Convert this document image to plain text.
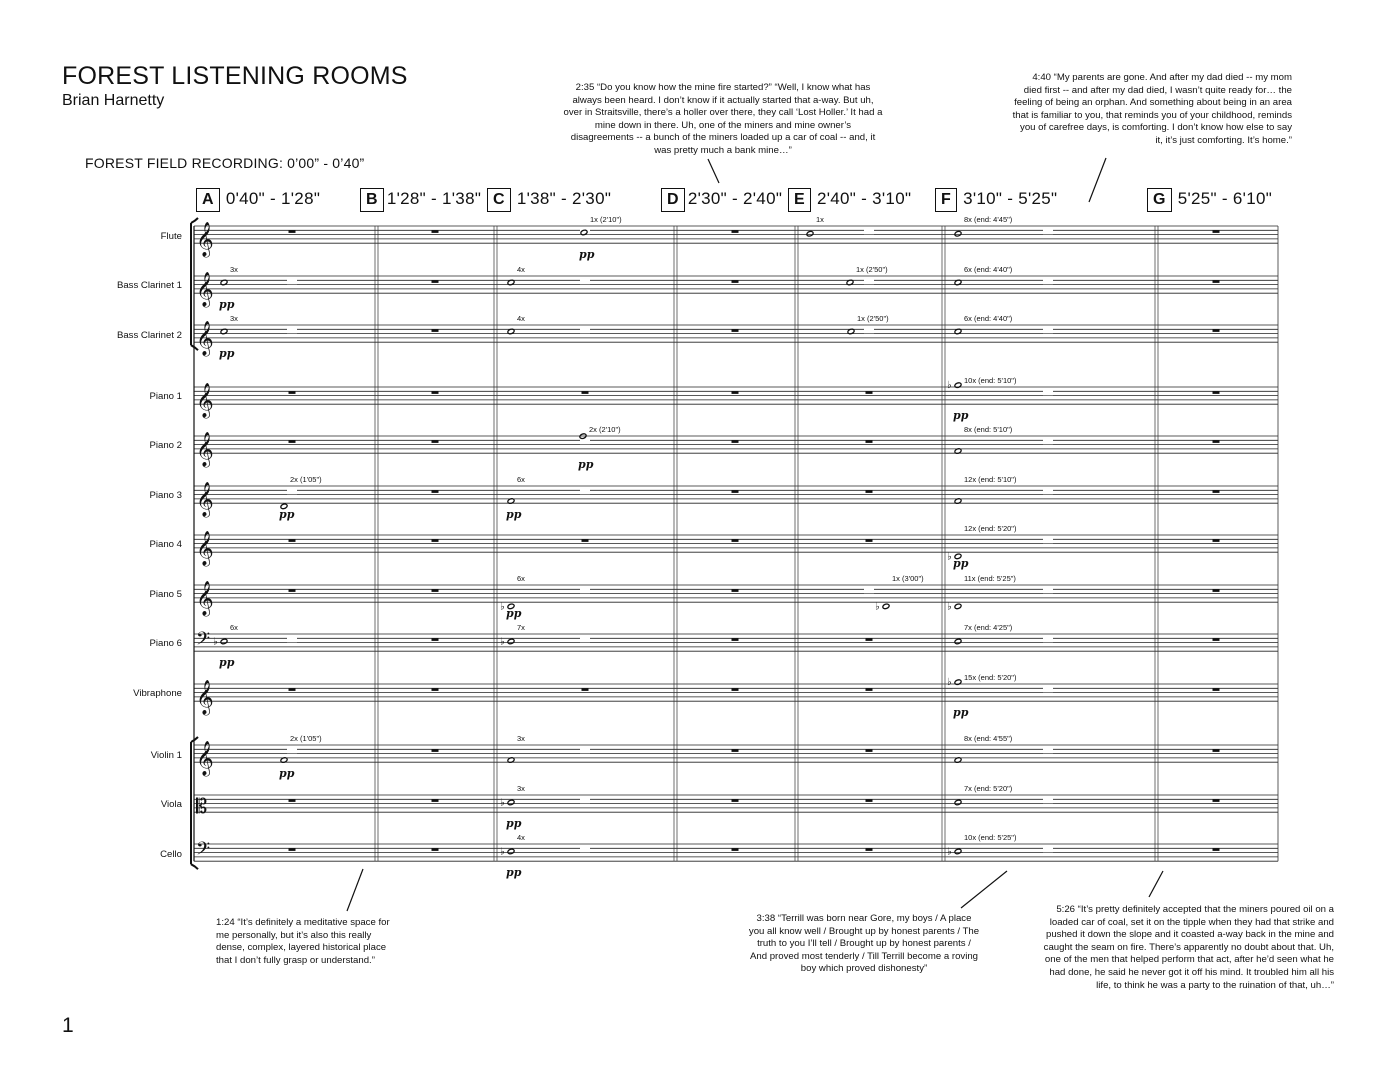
FOREST LISTENING ROOMS
Brian Harnetty
FOREST FIELD RECORDING: 0’00” - 0’40”
2:35 “Do you know how the mine fire started?” “Well, I know what has always been heard. I don’t know if it actually started that a-way. But uh, over in Straitsville, there’s a holler over there, they call ‘Lost Holler.’ It had a mine down in there. Uh, one of the miners and mine owner’s disagreements -- a bunch of the miners loaded up a car of coal -- and, it was pretty much a bank mine…”
4:40 “My parents are gone. And after my dad died -- my mom died first -- and after my dad died, I wasn’t quite ready for… the feeling of being an orphan. And something about being in an area that is familiar to you, that reminds you of your childhood, reminds you of carefree days, is comforting. I don’t know how else to say it, it’s just comforting. It’s home.”
1:24 “It’s definitely a meditative space for me personally, but it’s also this really dense, complex, layered historical place that I don’t fully grasp or understand.”
3:38 “Terrill was born near Gore, my boys / A place you all know well / Brought up by honest parents / The truth to you I’ll tell / Brought up by honest parents / And proved most tenderly / Till Terrill become a roving boy which proved dishonesty”
5:26 “It’s pretty definitely accepted that the miners poured oil on a loaded car of coal, set it on the tipple when they had that strike and pushed it down the slope and it coasted a-way back in the mine and caught the seam on fire. There’s apparently no doubt about that. Uh, one of the men that helped perform that act, after he’d seen what he had done, he said he never got it off his mind. It troubled him all his life, to think he was a party to the ruination of that, uh…”
A 0'40" - 1'28"	B 1'28" - 1'38" C 1'38" - 2'30"	D 2'30" - 2'40" E 2'40" - 3'10"	F 3'10" - 5'25"	G 5'25" - 6'10"
Flute
Bass Clarinet 1
Bass Clarinet 2
Piano 1
Piano 2
Piano 3
Piano 4
Piano 5
Piano 6
Vibraphone
Violin 1
Viola
Cello
1
𝄞
𝄞
𝄞
𝄞
𝄞
𝄞
𝄞
𝄞
𝄢
𝄞
𝄞
𝄡
𝄢
1x (2'10")
pp
1x	8x (end: 4'45")
3x
pp
4x	1x (2'50")	6x (end: 4'40")
3x
pp
4x	1x (2'50")	6x (end: 4'40")
♭ 10x (end: 5'10")
pp
2x (2'10")
pp
8x (end: 5'10")
2x (1'05")
pp
6x
pp
12x (end: 5'10")
♭
12x (end: 5'20")
pp
♭
6x
pp
♭
1x (3'00")
♭
11x (end: 5'25")
♭
6x
pp
♭
7x	7x (end: 4'25")
♭ 15x (end: 5'20")
pp
2x (1'05")
pp
3x	8x (end: 4'55")
♭
3x
pp
7x (end: 5'20")
♭
4x
pp
♭
10x (end: 5'25")
